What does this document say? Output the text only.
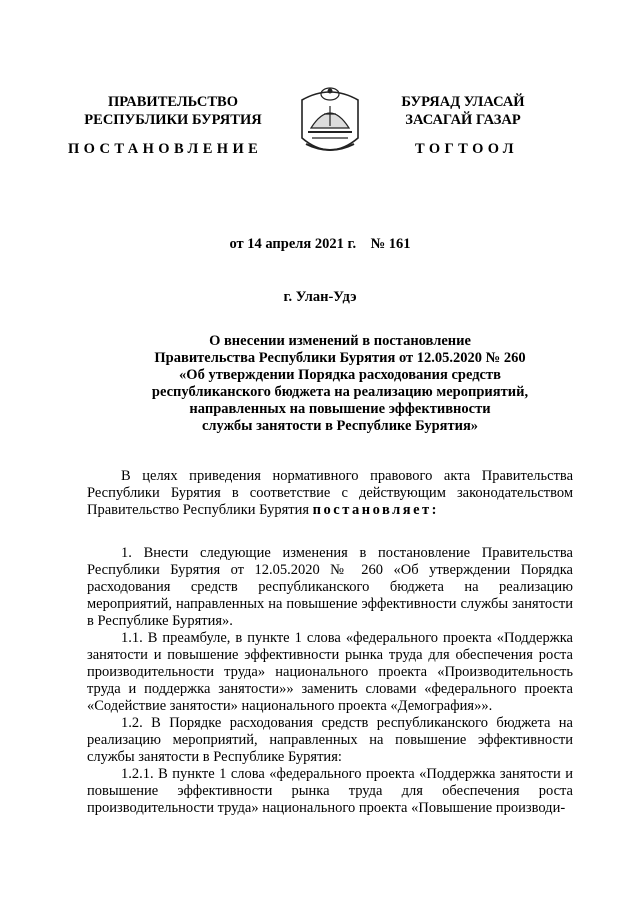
ПРАВИТЕЛЬСТВО
РЕСПУБЛИКИ БУРЯТИЯ
БУРЯАД УЛАСАЙ
ЗАСАГАЙ ГАЗАР
ПОСТАНОВЛЕНИЕ	ТОГТООЛ
от 14 апреля 2021 г.    № 161
г. Улан-Удэ
О внесении изменений в постановление
Правительства Республики Бурятия от 12.05.2020 № 260
«Об утверждении Порядка расходования средств
республиканского бюджета на реализацию мероприятий,
направленных на повышение эффективности
службы занятости в Республике Бурятия»

В целях приведения нормативного правового акта Правительства Республики Бурятия в соответствие с действующим законодательством Правительство Республики Бурятия постановляет:

1. Внести следующие изменения в постановление Правительства Республики Бурятия от 12.05.2020 № 260 «Об утверждении Порядка расходования средств республиканского бюджета на реализацию мероприятий, направленных на повышение эффективности службы занятости в Республике Бурятия».

1.1. В преамбуле, в пункте 1 слова «федерального проекта «Поддержка занятости и повышение эффективности рынка труда для обеспечения роста производительности труда» национального проекта «Производительность труда и поддержка занятости»» заменить словами «федерального проекта «Содействие занятости» национального проекта «Демография»».

1.2. В Порядке расходования средств республиканского бюджета на реализацию мероприятий, направленных на повышение эффективности службы занятости в Республике Бурятия:

1.2.1. В пункте 1 слова «федерального проекта «Поддержка занятости и повышение эффективности рынка труда для обеспечения роста производительности труда» национального проекта «Повышение производи-
